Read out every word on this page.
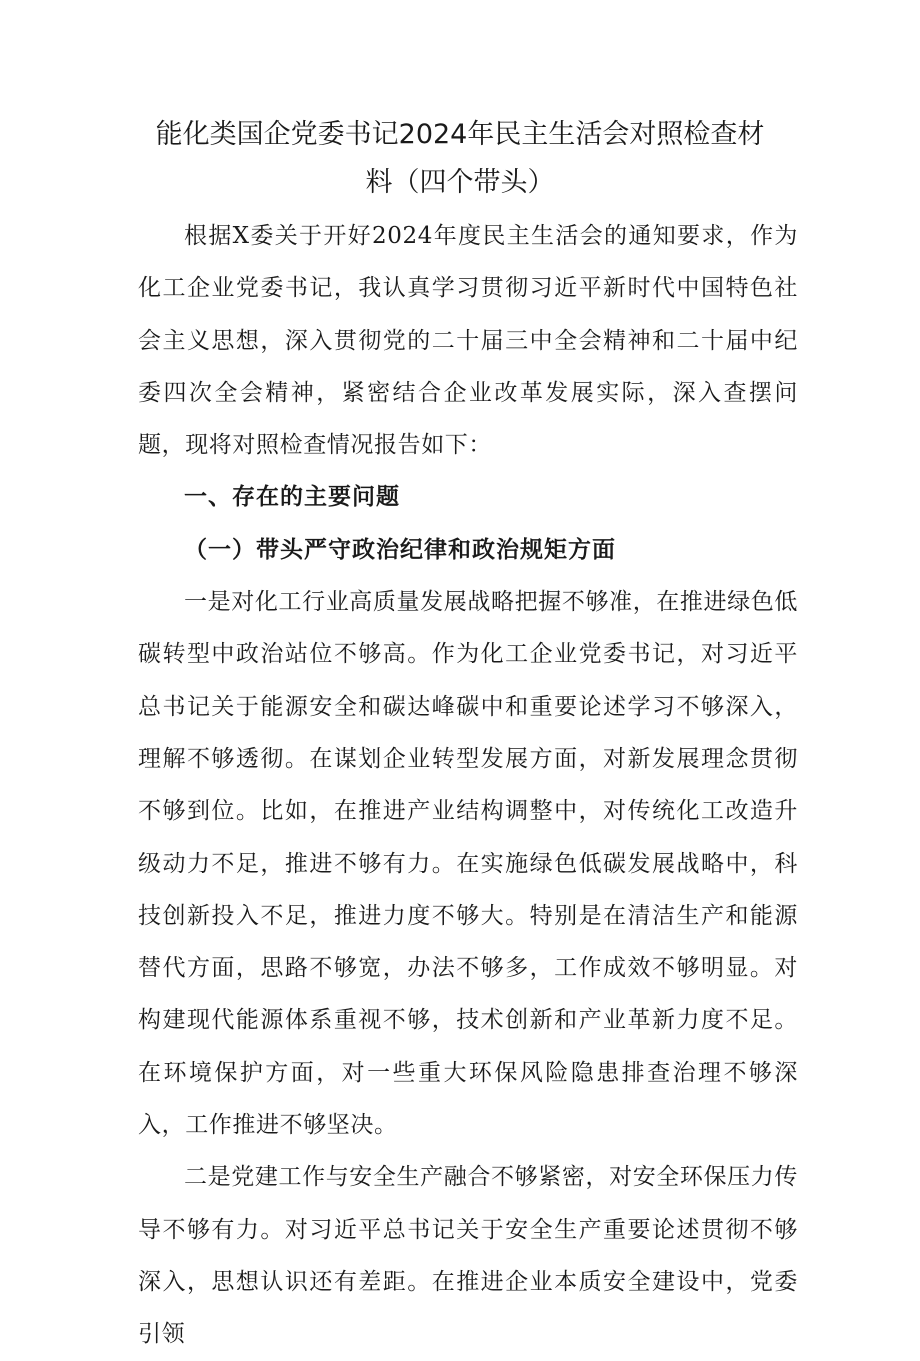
能化类国企党委书记2024年民主生活会对照检查材
料（四个带头）

根据X委关于开好2024年度民主生活会的通知要求，作为化工企业党委书记，我认真学习贯彻习近平新时代中国特色社会主义思想，深入贯彻党的二十届三中全会精神和二十届中纪委四次全会精神，紧密结合企业改革发展实际，深入查摆问题，现将对照检查情况报告如下：

一、存在的主要问题

（一）带头严守政治纪律和政治规矩方面

一是对化工行业高质量发展战略把握不够准，在推进绿色低碳转型中政治站位不够高。作为化工企业党委书记，对习近平总书记关于能源安全和碳达峰碳中和重要论述学习不够深入，理解不够透彻。在谋划企业转型发展方面，对新发展理念贯彻不够到位。比如，在推进产业结构调整中，对传统化工改造升级动力不足，推进不够有力。在实施绿色低碳发展战略中，科技创新投入不足，推进力度不够大。特别是在清洁生产和能源替代方面，思路不够宽，办法不够多，工作成效不够明显。对构建现代能源体系重视不够，技术创新和产业革新力度不足。在环境保护方面，对一些重大环保风险隐患排查治理不够深入，工作推进不够坚决。

二是党建工作与安全生产融合不够紧密，对安全环保压力传导不够有力。对习近平总书记关于安全生产重要论述贯彻不够深入，思想认识还有差距。在推进企业本质安全建设中，党委引领
